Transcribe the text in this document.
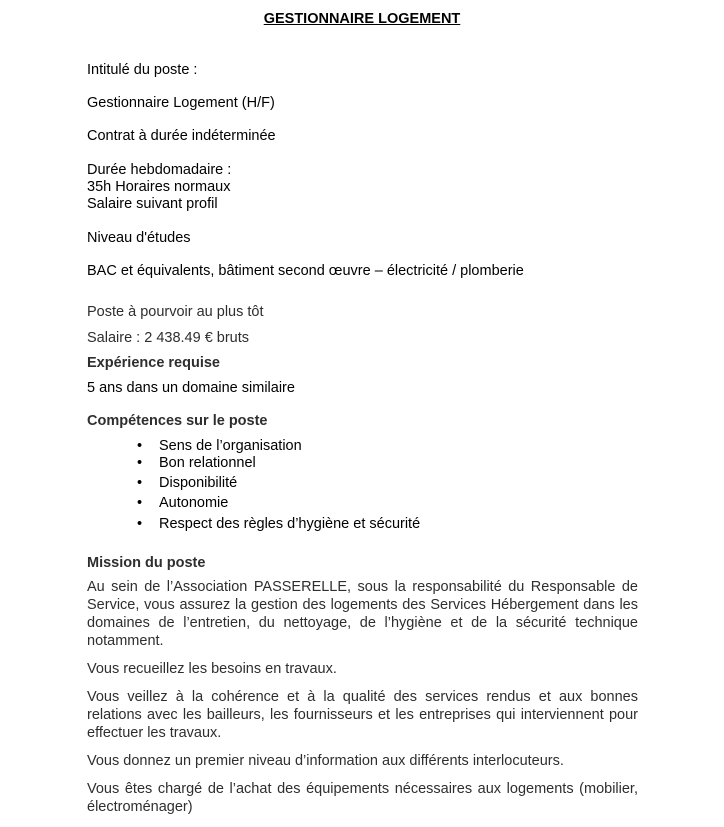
GESTIONNAIRE LOGEMENT
Intitulé du poste :
Gestionnaire Logement (H/F)
Contrat à durée indéterminée
Durée hebdomadaire :
35h Horaires normaux
Salaire suivant profil
Niveau d'études
BAC et équivalents, bâtiment second œuvre – électricité / plomberie
Poste à pourvoir au plus tôt
Salaire : 2 438.49 € bruts
Expérience requise
5 ans dans un domaine similaire
Compétences sur le poste
• Sens de l’organisation
• Bon relationnel
• Disponibilité
• Autonomie
• Respect des règles d’hygiène et sécurité
Mission du poste
Au sein de l’Association PASSERELLE, sous la responsabilité du Responsable de Service, vous assurez la gestion des logements des Services Hébergement dans les domaines de l’entretien, du nettoyage, de l’hygiène et de la sécurité technique notamment.
Vous recueillez les besoins en travaux.
Vous veillez à la cohérence et à la qualité des services rendus et aux bonnes relations avec les bailleurs, les fournisseurs et les entreprises qui interviennent pour effectuer les travaux.
Vous donnez un premier niveau d’information aux différents interlocuteurs.
Vous êtes chargé de l’achat des équipements nécessaires aux logements (mobilier, électroménager)
